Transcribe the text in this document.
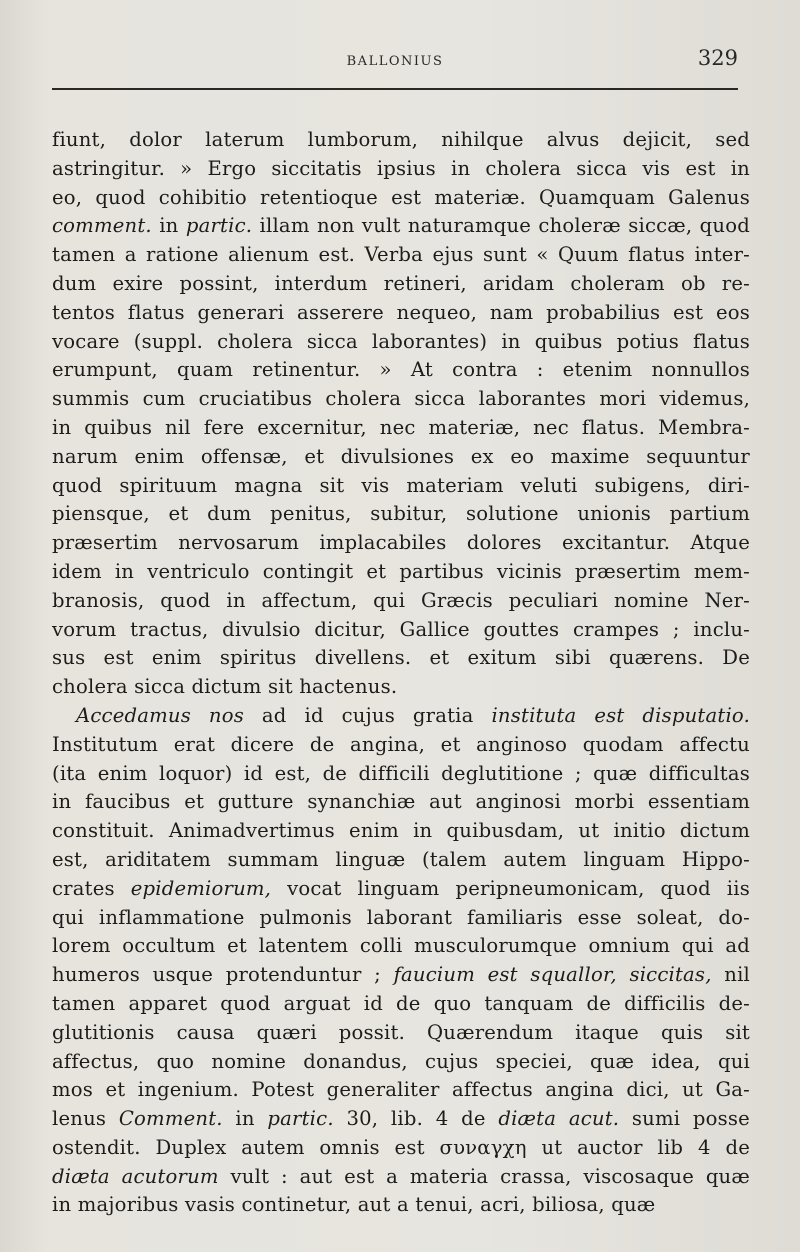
BALLONIUS	329
fiunt, dolor laterum lumborum, nihilque alvus dejicit, sed
astringitur. » Ergo siccitatis ipsius in cholera sicca vis est in
eo, quod cohibitio retentioque est materiæ. Quamquam Galenus
comment. in partic. illam non vult naturamque choleræ siccæ, quod
tamen a ratione alienum est. Verba ejus sunt « Quum flatus inter-
dum exire possint, interdum retineri, aridam choleram ob re-
tentos flatus generari asserere nequeo, nam probabilius est eos
vocare (suppl. cholera sicca laborantes) in quibus potius flatus
erumpunt, quam retinentur. » At contra : etenim nonnullos
summis cum cruciatibus cholera sicca laborantes mori videmus,
in quibus nil fere excernitur, nec materiæ, nec flatus. Membra-
narum enim offensæ, et divulsiones ex eo maxime sequuntur
quod spirituum magna sit vis materiam veluti subigens, diri-
piensque, et dum penitus, subitur, solutione unionis partium
præsertim nervosarum implacabiles dolores excitantur. Atque
idem in ventriculo contingit et partibus vicinis præsertim mem-
branosis, quod in affectum, qui Græcis peculiari nomine Ner-
vorum tractus, divulsio dicitur, Gallice gouttes crampes ; inclu-
sus est enim spiritus divellens. et exitum sibi quærens. De
cholera sicca dictum sit hactenus.
Accedamus nos ad id cujus gratia instituta est disputatio.
Institutum erat dicere de angina, et anginoso quodam affectu
(ita enim loquor) id est, de difficili deglutitione ; quæ difficultas
in faucibus et gutture synanchiæ aut anginosi morbi essentiam
constituit. Animadvertimus enim in quibusdam, ut initio dictum
est, ariditatem summam linguæ (talem autem linguam Hippo-
crates epidemiorum, vocat linguam peripneumonicam, quod iis
qui inflammatione pulmonis laborant familiaris esse soleat, do-
lorem occultum et latentem colli musculorumque omnium qui ad
humeros usque protenduntur ; faucium est squallor, siccitas, nil
tamen apparet quod arguat id de quo tanquam de difficilis de-
glutitionis causa quæri possit. Quærendum itaque quis sit
affectus, quo nomine donandus, cujus speciei, quæ idea, qui
mos et ingenium. Potest generaliter affectus angina dici, ut Ga-
lenus Comment. in partic. 30, lib. 4 de diæta acut. sumi posse
ostendit. Duplex autem omnis est συναγχη ut auctor lib 4 de
diæta acutorum vult : aut est a materia crassa, viscosaque quæ
in majoribus vasis continetur, aut a tenui, acri, biliosa, quæ
